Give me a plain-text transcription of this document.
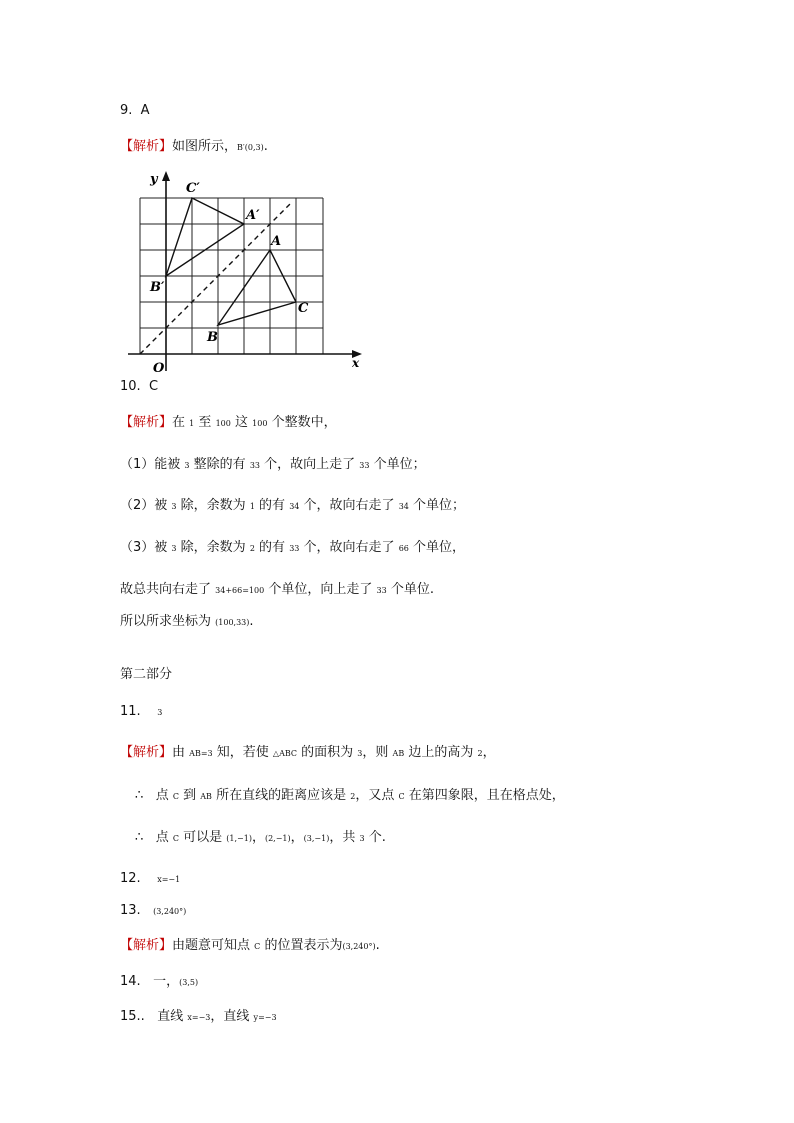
9. A
【解析】如图所示，B′(0,3).
y
x
O
C′
A′
A
B′
C
B
10. C
【解析】在 1 至 100 这 100 个整数中，
（1）能被 3 整除的有 33 个，故向上走了 33 个单位；
（2）被 3 除，余数为 1 的有 34 个，故向右走了 34 个单位；
（3）被 3 除，余数为 2 的有 33 个，故向右走了 66 个单位，
故总共向右走了 34+66=100 个单位，向上走了 33 个单位.
所以所求坐标为 (100,33).
第二部分
11. 3
【解析】由 AB=3 知，若使 △ABC 的面积为 3，则 AB 边上的高为 2，
∴ 点 C 到 AB 所在直线的距离应该是 2，又点 C 在第四象限，且在格点处，
∴ 点 C 可以是 (1,−1)，(2,−1)，(3,−1)，共 3 个.
12. x=−1
13. (3,240°)
【解析】由题意可知点 C 的位置表示为(3,240°).
14. 一，(3,5)
15.. 直线 x=−3，直线 y=−3
